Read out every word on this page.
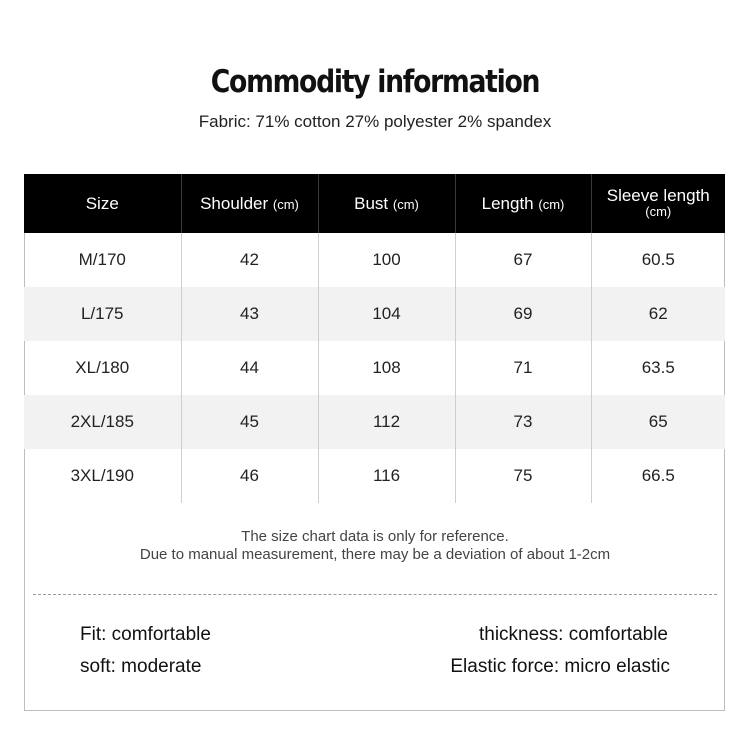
Commodity information
Fabric: 71% cotton 27% polyester 2% spandex
Size	Shoulder (cm)	Bust (cm)	Length (cm)	Sleeve length
(cm)
M/170	42	100	67	60.5
L/175	43	104	69	62
XL/180	44	108	71	63.5
2XL/185	45	112	73	65
3XL/190	46	116	75	66.5
The size chart data is only for reference.
Due to manual measurement, there may be a deviation of about 1-2cm
Fit: comfortable	thickness: comfortable
soft: moderate	Elastic force: micro elastic
